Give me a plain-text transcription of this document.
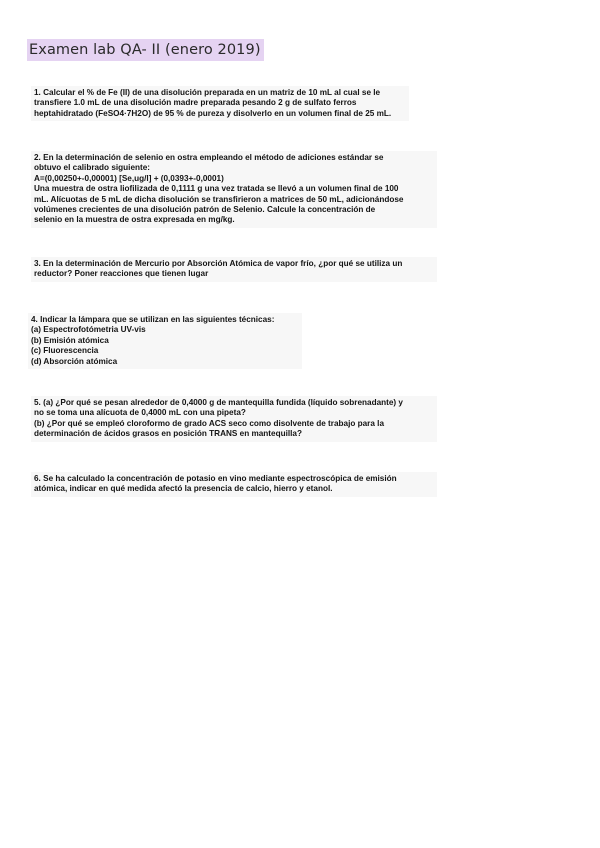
Examen lab QA- II (enero 2019)
1. Calcular el % de Fe (II) de una disolución preparada en un matriz de 10 mL al cual se le
transfiere 1.0 mL de una disolución madre preparada pesando 2 g de sulfato ferros
heptahidratado (FeSO4·7H2O) de 95 % de pureza y disolverlo en un volumen final de 25 mL.
2. En la determinación de selenio en ostra empleando el método de adiciones estándar se
obtuvo el calibrado siguiente:
A=(0,00250+-0,00001) [Se,ug/l] + (0,0393+-0,0001)
Una muestra de ostra liofilizada de 0,1111 g una vez tratada se llevó a un volumen final de 100
mL. Alícuotas de 5 mL de dicha disolución se transfirieron a matrices de 50 mL, adicionándose
volúmenes crecientes de una disolución patrón de Selenio. Calcule la concentración de
selenio en la muestra de ostra expresada en mg/kg.
3. En la determinación de Mercurio por Absorción Atómica de vapor frío, ¿por qué se utiliza un
reductor? Poner reacciones que tienen lugar
4. Indicar la lámpara que se utilizan en las siguientes técnicas:
(a) Espectrofotómetria UV-vis
(b) Emisión atómica
(c) Fluorescencia
(d) Absorción atómica
5. (a) ¿Por qué se pesan alrededor de 0,4000 g de mantequilla fundida (líquido sobrenadante) y
no se toma una alícuota de 0,4000 mL con una pipeta?
(b) ¿Por qué se empleó cloroformo de grado ACS seco como disolvente de trabajo para la
determinación de ácidos grasos en posición TRANS en mantequilla?
6. Se ha calculado la concentración de potasio en vino mediante espectroscópica de emisión
atómica, indicar en qué medida afectó la presencia de calcio, hierro y etanol.
